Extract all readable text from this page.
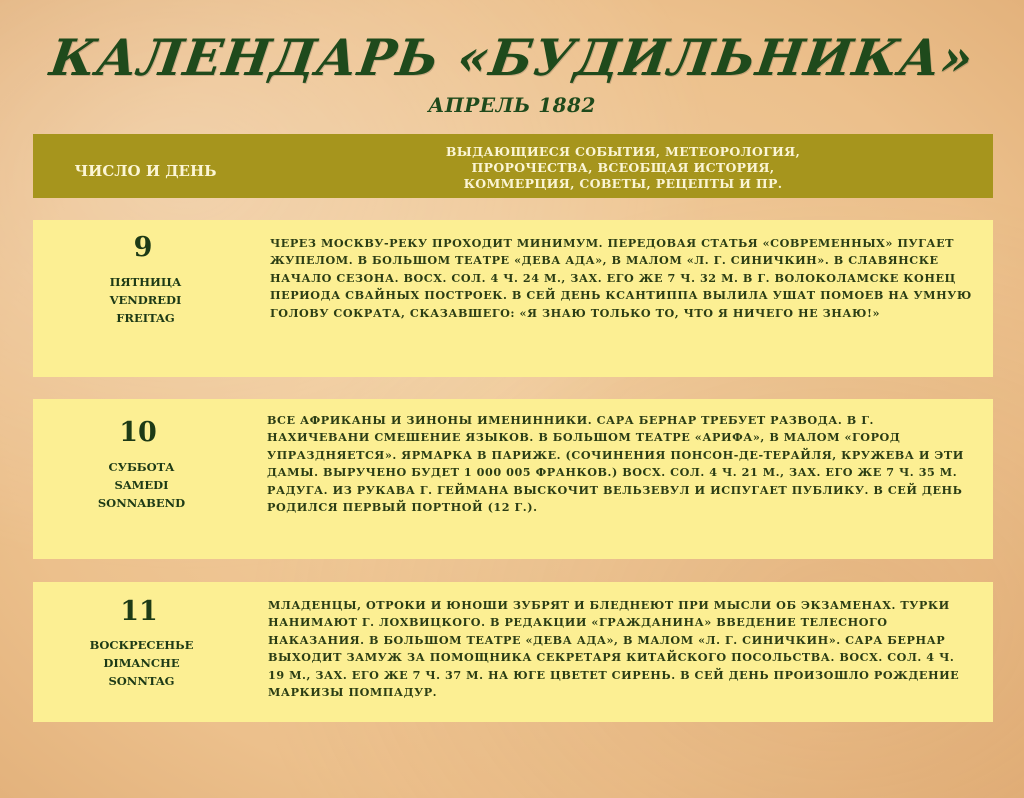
КАЛЕНДАРЬ «БУДИЛЬНИКА»
АПРЕЛЬ 1882
ЧИСЛО И ДЕНЬ
ВЫДАЮЩИЕСЯ СОБЫТИЯ, МЕТЕОРОЛОГИЯ,
ПРОРОЧЕСТВА, ВСЕОБЩАЯ ИСТОРИЯ,
КОММЕРЦИЯ, СОВЕТЫ, РЕЦЕПТЫ И ПР.
9
ПЯТНИЦА
VENDREDI
FREITAG
ЧЕРЕЗ МОСКВУ-РЕКУ ПРОХОДИТ МИНИМУМ. ПЕРЕДОВАЯ СТАТЬЯ «СОВРЕМЕННЫХ» ПУГАЕТ ЖУПЕЛОМ. В БОЛЬШОМ ТЕАТРЕ «ДЕВА АДА», В МАЛОМ «Л. Г. СИНИЧКИН». В СЛАВЯНСКЕ НАЧАЛО СЕЗОНА. ВОСХ. СОЛ. 4 Ч. 24 М., ЗАХ. ЕГО ЖЕ 7 Ч. 32 М. В Г. ВОЛОКОЛАМСКЕ КОНЕЦ ПЕРИОДА СВАЙНЫХ ПОСТРОЕК. В СЕЙ ДЕНЬ КСАНТИППА ВЫЛИЛА УШАТ ПОМОЕВ НА УМНУЮ ГОЛОВУ СОКРАТА, СКАЗАВШЕГО: «Я ЗНАЮ ТОЛЬКО ТО, ЧТО Я НИЧЕГО НЕ ЗНАЮ!»
10
СУББОТА
SAMEDI
SONNABEND
ВСЕ АФРИКАНЫ И ЗИНОНЫ ИМЕНИННИКИ. САРА БЕРНАР ТРЕБУЕТ РАЗВОДА. В Г. НАХИЧЕВАНИ СМЕШЕНИЕ ЯЗЫКОВ. В БОЛЬШОМ ТЕАТРЕ «АРИФА», В МАЛОМ «ГОРОД УПРАЗДНЯЕТСЯ». ЯРМАРКА В ПАРИЖЕ. (СОЧИНЕНИЯ ПОНСОН-ДЕ-ТЕРАЙЛЯ, КРУЖЕВА И ЭТИ ДАМЫ. ВЫРУЧЕНО БУДЕТ 1 000 005 ФРАНКОВ.) ВОСХ. СОЛ. 4 Ч. 21 М., ЗАХ. ЕГО ЖЕ 7 Ч. 35 М. РАДУГА. ИЗ РУКАВА Г. ГЕЙМАНА ВЫСКОЧИТ ВЕЛЬЗЕВУЛ И ИСПУГАЕТ ПУБЛИКУ. В СЕЙ ДЕНЬ РОДИЛСЯ ПЕРВЫЙ ПОРТНОЙ (12 Г.).
11
ВОСКРЕСЕНЬЕ
DIMANCHE
SONNTAG
МЛАДЕНЦЫ, ОТРОКИ И ЮНОШИ ЗУБРЯТ И БЛЕДНЕЮТ ПРИ МЫСЛИ ОБ ЭКЗАМЕНАХ. ТУРКИ НАНИМАЮТ Г. ЛОХВИЦКОГО. В РЕДАКЦИИ «ГРАЖДАНИНА» ВВЕДЕНИЕ ТЕЛЕСНОГО НАКАЗАНИЯ. В БОЛЬШОМ ТЕАТРЕ «ДЕВА АДА», В МАЛОМ «Л. Г. СИНИЧКИН». САРА БЕРНАР ВЫХОДИТ ЗАМУЖ ЗА ПОМОЩНИКА СЕКРЕТАРЯ КИТАЙСКОГО ПОСОЛЬСТВА. ВОСХ. СОЛ. 4 Ч. 19 М., ЗАХ. ЕГО ЖЕ 7 Ч. 37 М. НА ЮГЕ ЦВЕТЕТ СИРЕНЬ. В СЕЙ ДЕНЬ ПРОИЗОШЛО РОЖДЕНИЕ МАРКИЗЫ ПОМПАДУР.
